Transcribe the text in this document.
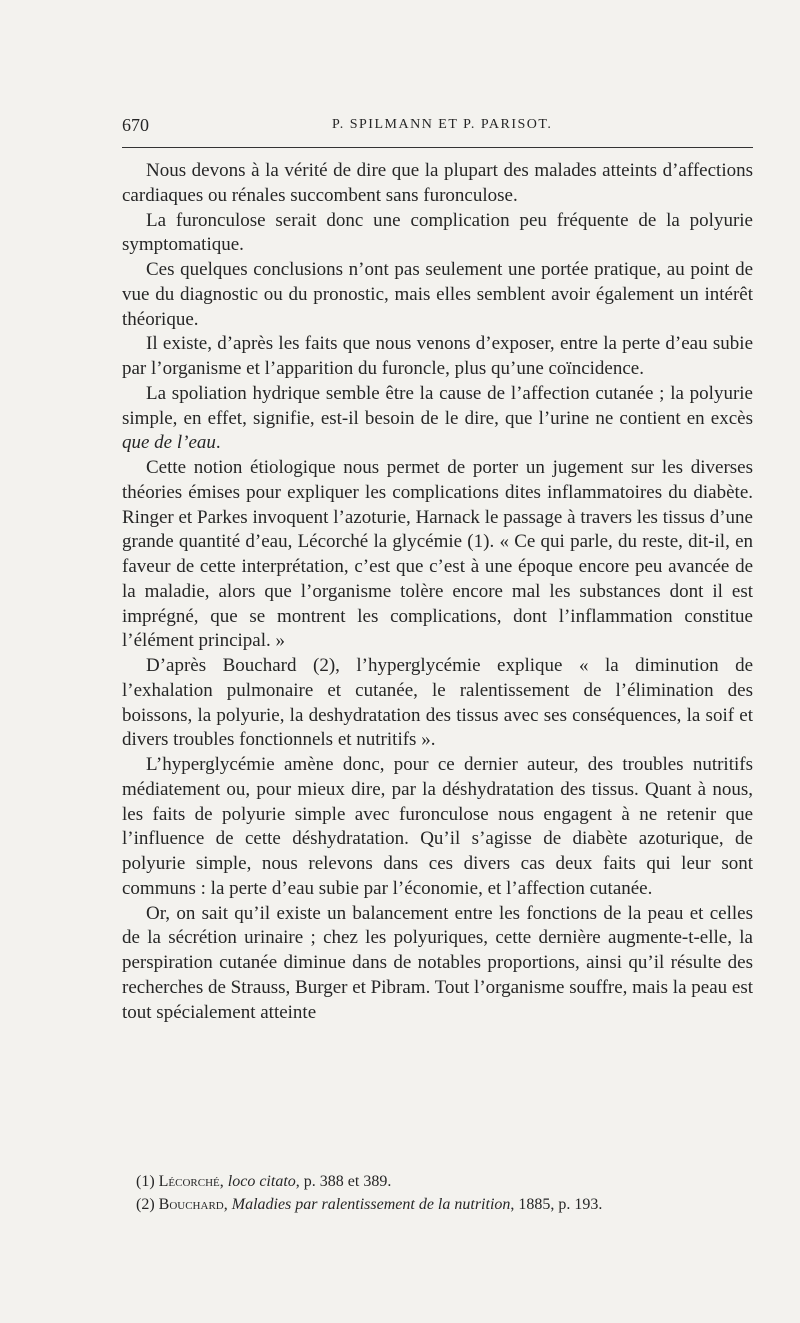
670	P. SPILMANN ET P. PARISOT.

Nous devons à la vérité de dire que la plupart des malades atteints d’affections cardiaques ou rénales succombent sans furonculose.

La furonculose serait donc une complication peu fréquente de la polyurie symptomatique.

Ces quelques conclusions n’ont pas seulement une portée pratique, au point de vue du diagnostic ou du pronostic, mais elles semblent avoir également un intérêt théorique.

Il existe, d’après les faits que nous venons d’exposer, entre la perte d’eau subie par l’organisme et l’apparition du furoncle, plus qu’une coïncidence.

La spoliation hydrique semble être la cause de l’affection cutanée ; la polyurie simple, en effet, signifie, est-il besoin de le dire, que l’urine ne contient en excès que de l’eau.

Cette notion étiologique nous permet de porter un jugement sur les diverses théories émises pour expliquer les complications dites inflammatoires du diabète. Ringer et Parkes invoquent l’azoturie, Harnack le passage à travers les tissus d’une grande quantité d’eau, Lécorché la glycémie (1). « Ce qui parle, du reste, dit-il, en faveur de cette interprétation, c’est que c’est à une époque encore peu avancée de la maladie, alors que l’organisme tolère encore mal les substances dont il est imprégné, que se montrent les complications, dont l’inflammation constitue l’élément principal. »

D’après Bouchard (2), l’hyperglycémie explique « la diminution de l’exhalation pulmonaire et cutanée, le ralentissement de l’élimination des boissons, la polyurie, la deshydratation des tissus avec ses conséquences, la soif et divers troubles fonctionnels et nutritifs ».

L’hyperglycémie amène donc, pour ce dernier auteur, des troubles nutritifs médiatement ou, pour mieux dire, par la déshydratation des tissus. Quant à nous, les faits de polyurie simple avec furonculose nous engagent à ne retenir que l’influence de cette déshydratation. Qu’il s’agisse de diabète azoturique, de polyurie simple, nous relevons dans ces divers cas deux faits qui leur sont communs : la perte d’eau subie par l’économie, et l’affection cutanée.

Or, on sait qu’il existe un balancement entre les fonctions de la peau et celles de la sécrétion urinaire ; chez les polyuriques, cette dernière augmente-t-elle, la perspiration cutanée diminue dans de notables proportions, ainsi qu’il résulte des recherches de Strauss, Burger et Pibram. Tout l’organisme souffre, mais la peau est tout spécialement atteinte

(1) Lécorché, loco citato, p. 388 et 389.

(2) Bouchard, Maladies par ralentissement de la nutrition, 1885, p. 193.
